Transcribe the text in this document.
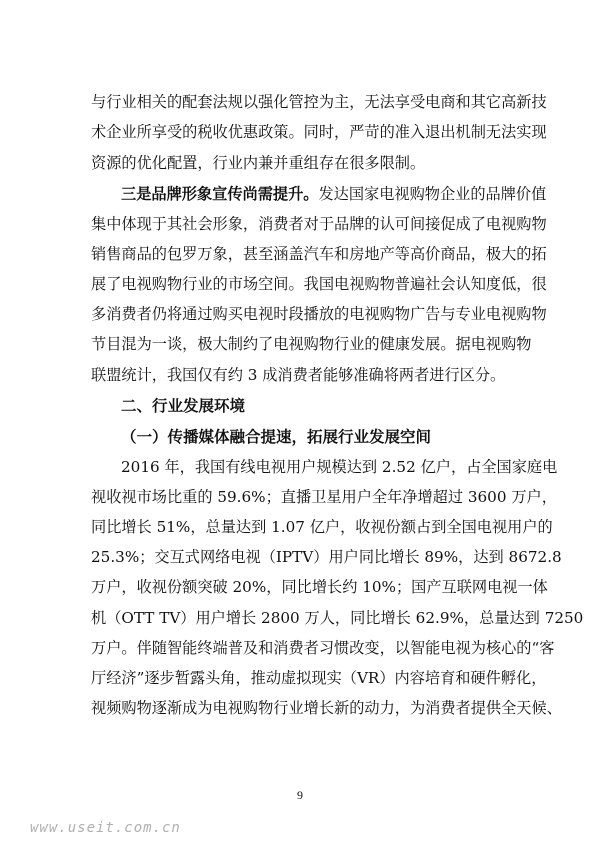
与行业相关的配套法规以强化管控为主，无法享受电商和其它高新技
术企业所享受的税收优惠政策。同时，严苛的准入退出机制无法实现
资源的优化配置，行业内兼并重组存在很多限制。
三是品牌形象宣传尚需提升。发达国家电视购物企业的品牌价值
集中体现于其社会形象，消费者对于品牌的认可间接促成了电视购物
销售商品的包罗万象，甚至涵盖汽车和房地产等高价商品，极大的拓
展了电视购物行业的市场空间。我国电视购物普遍社会认知度低，很
多消费者仍将通过购买电视时段播放的电视购物广告与专业电视购物
节目混为一谈，极大制约了电视购物行业的健康发展。据电视购物
联盟统计，我国仅有约 3 成消费者能够准确将两者进行区分。
二、行业发展环境
（一）传播媒体融合提速，拓展行业发展空间
2016 年，我国有线电视用户规模达到 2.52 亿户，占全国家庭电
视收视市场比重的 59.6%；直播卫星用户全年净增超过 3600 万户，
同比增长 51%，总量达到 1.07 亿户，收视份额占到全国电视用户的
25.3%；交互式网络电视（IPTV）用户同比增长 89%，达到 8672.8
万户，收视份额突破 20%，同比增长约 10%；国产互联网电视一体
机（OTT TV）用户增长 2800 万人，同比增长 62.9%，总量达到 7250
万户。伴随智能终端普及和消费者习惯改变，以智能电视为核心的“客
厅经济”逐步暂露头角，推动虚拟现实（VR）内容培育和硬件孵化，
视频购物逐渐成为电视购物行业增长新的动力，为消费者提供全天候、
9
www.useit.com.cn
